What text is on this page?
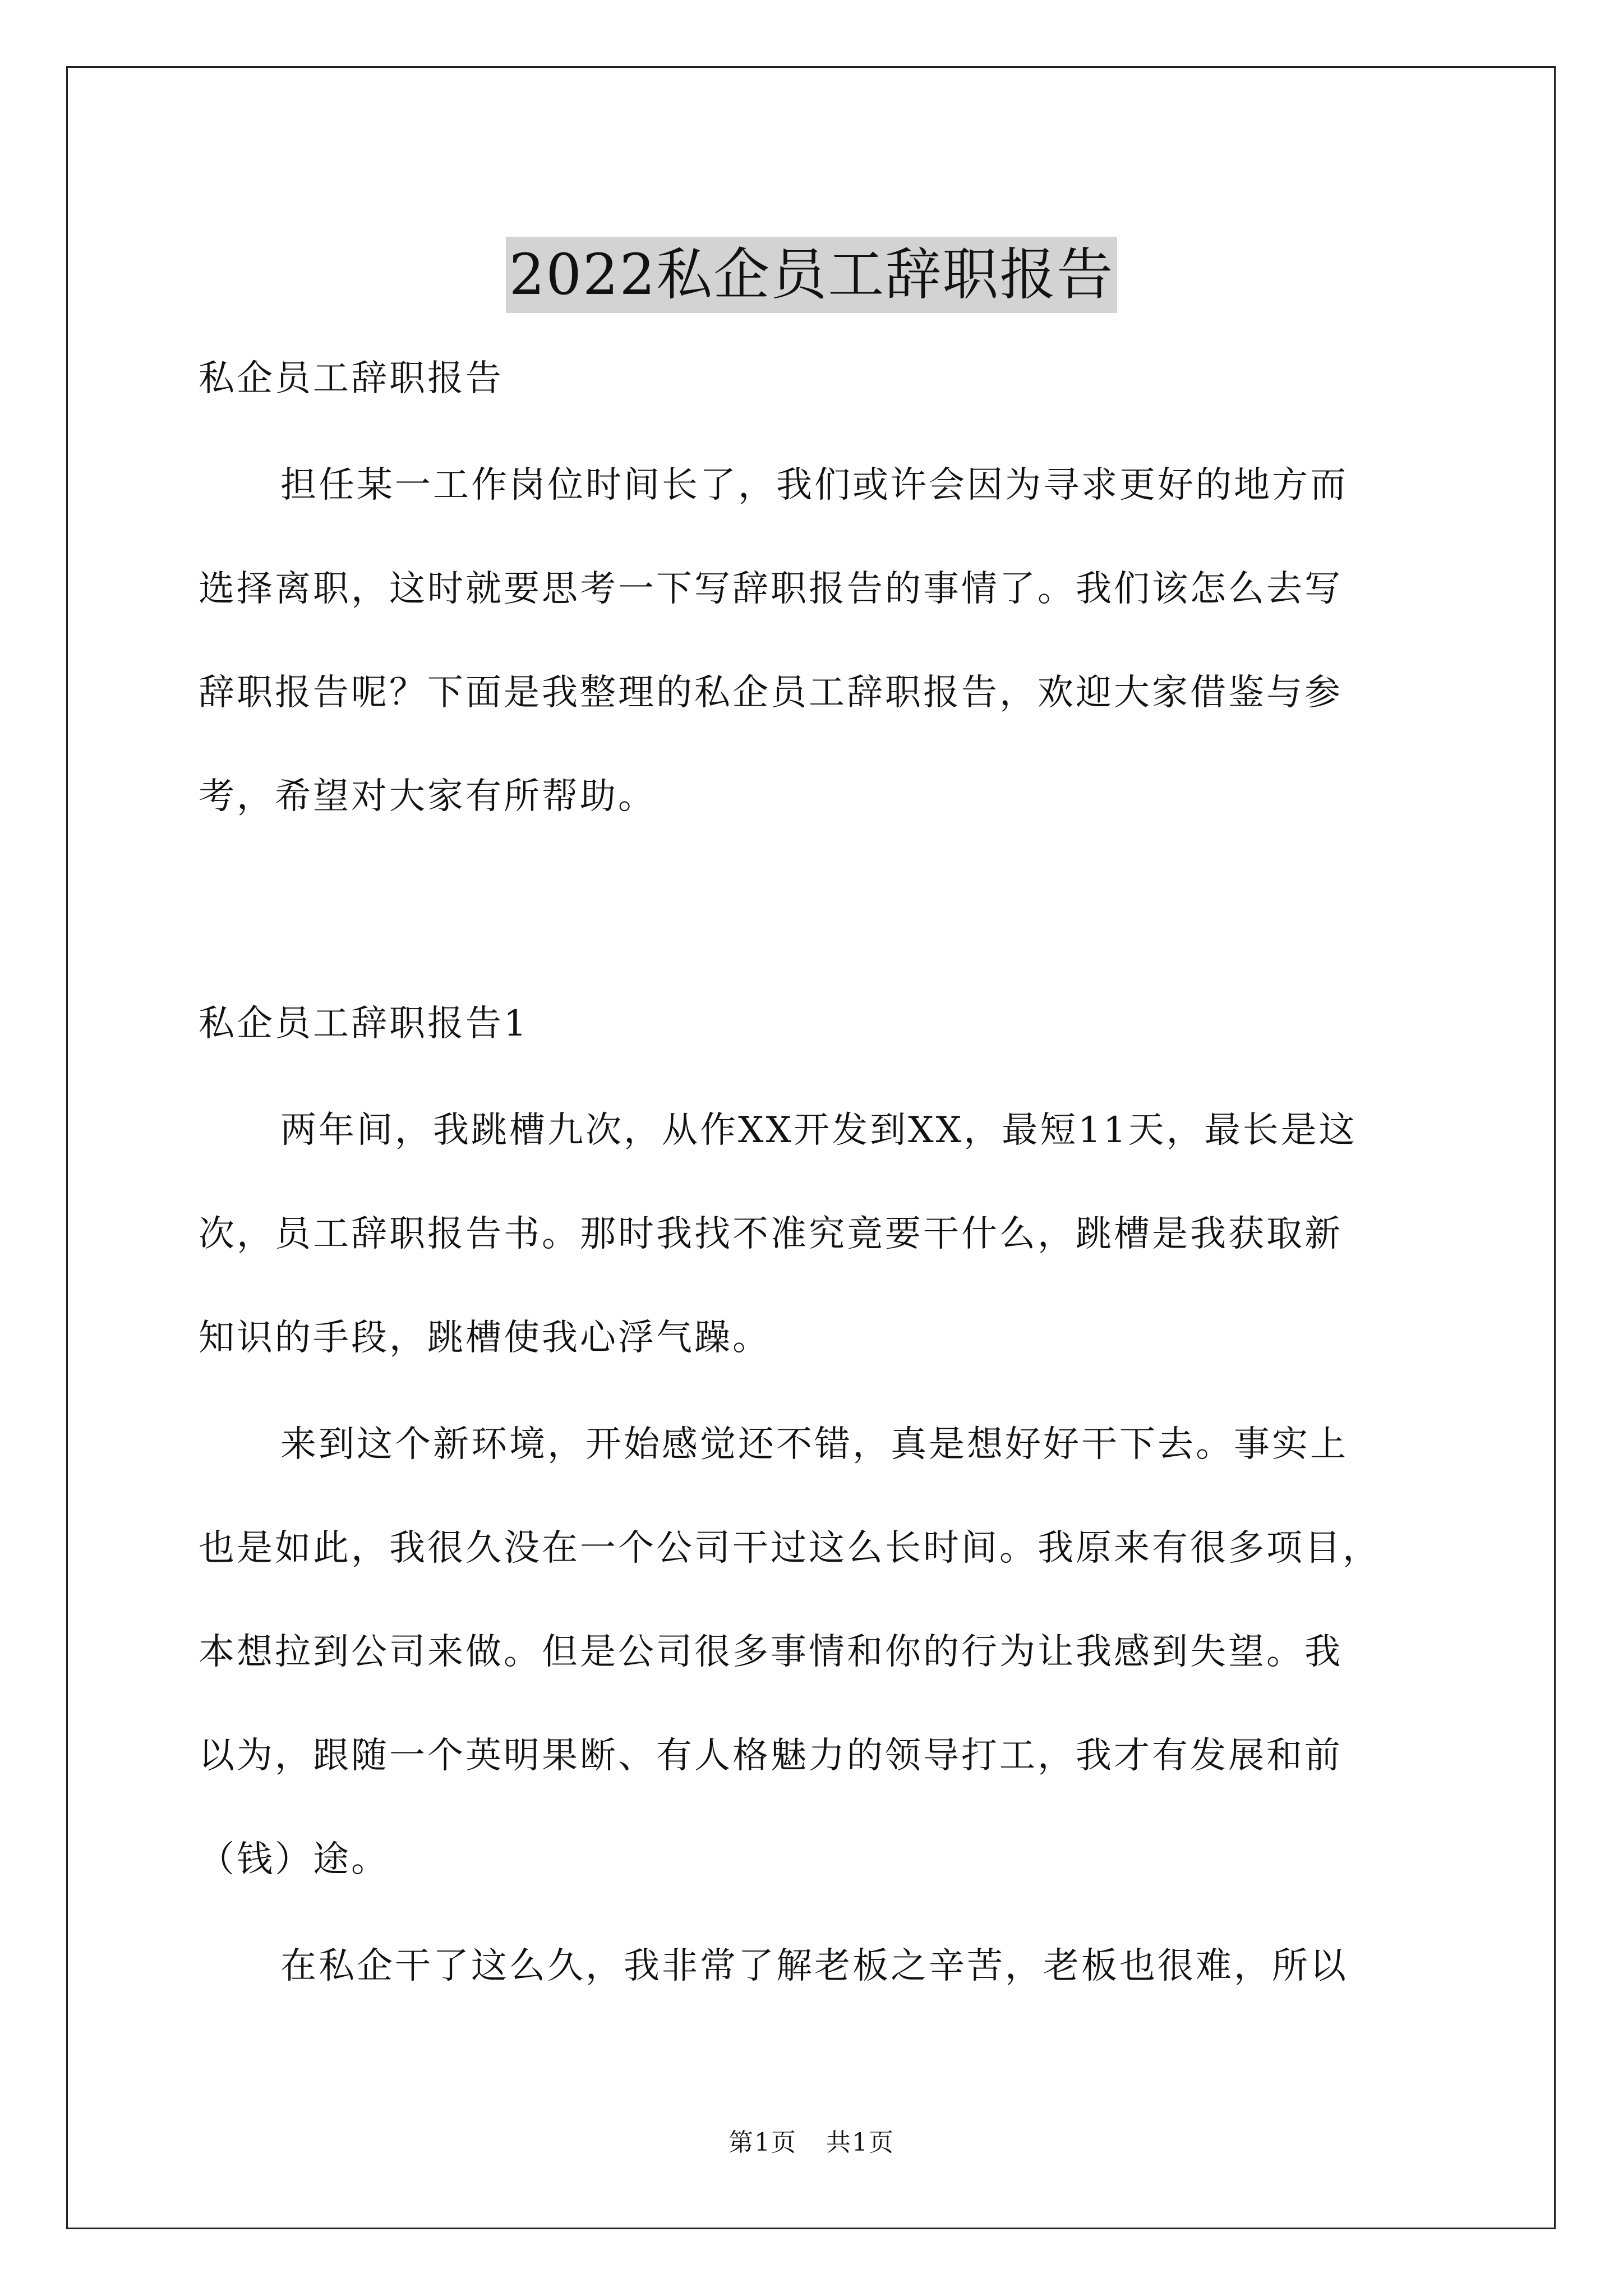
2022私企员工辞职报告
私企员工辞职报告
担任某一工作岗位时间长了，我们或许会因为寻求更好的地方而
选择离职，这时就要思考一下写辞职报告的事情了。我们该怎么去写
辞职报告呢？下面是我整理的私企员工辞职报告，欢迎大家借鉴与参
考，希望对大家有所帮助。
私企员工辞职报告1
两年间，我跳槽九次，从作XX开发到XX，最短11天，最长是这
次，员工辞职报告书。那时我找不准究竟要干什么，跳槽是我获取新
知识的手段，跳槽使我心浮气躁。
来到这个新环境，开始感觉还不错，真是想好好干下去。事实上
也是如此，我很久没在一个公司干过这么长时间。我原来有很多项目，
本想拉到公司来做。但是公司很多事情和你的行为让我感到失望。我
以为，跟随一个英明果断、有人格魅力的领导打工，我才有发展和前
（钱）途。
在私企干了这么久，我非常了解老板之辛苦，老板也很难，所以
第1页 共1页
